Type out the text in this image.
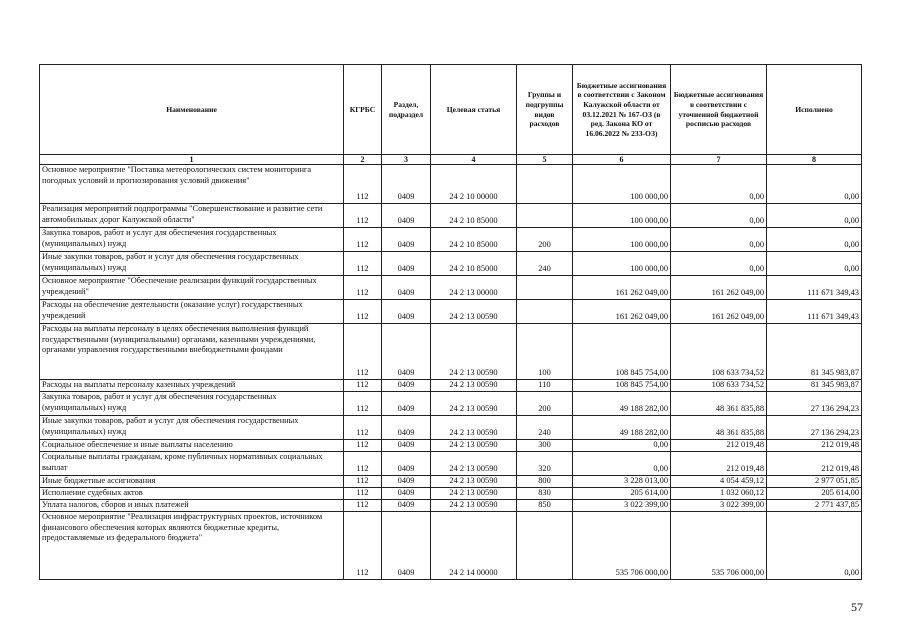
Наименование	КГРБС	Раздел, подраздел	Целевая статья	Группы и подгруппы видов расходов	Бюджетные ассигнования в соответствии с Законом Калужской области от 03.12.2021 № 167-ОЗ (в ред. Закона КО от 16.06.2022 № 233-ОЗ)	Бюджетные ассигнования в соответствии с уточненной бюджетной росписью расходов	Исполнено
1	2	3	4	5	6	7	8
Основное мероприятие "Поставка метеорологических систем мониторинга погодных условий и прогнозирования условий движения"	112	0409	24 2 10 00000		100 000,00	0,00	0,00
Реализация мероприятий подпрограммы "Совершенствование и развитие сети автомобильных дорог Калужской области"	112	0409	24 2 10 85000		100 000,00	0,00	0,00
Закупка товаров, работ и услуг для обеспечения государственных (муниципальных) нужд	112	0409	24 2 10 85000	200	100 000,00	0,00	0,00
Иные закупки товаров, работ и услуг для обеспечения государственных (муниципальных) нужд	112	0409	24 2 10 85000	240	100 000,00	0,00	0,00
Основное мероприятие "Обеспечение реализации функций государственных учреждений"	112	0409	24 2 13 00000		161 262 049,00	161 262 049,00	111 671 349,43
Расходы на обеспечение деятельности (оказание услуг) государственных учреждений	112	0409	24 2 13 00590		161 262 049,00	161 262 049,00	111 671 349,43
Расходы на выплаты персоналу в целях обеспечения выполнения функций государственными (муниципальными) органами, казенными учреждениями, органами управления государственными внебюджетными фондами	112	0409	24 2 13 00590	100	108 845 754,00	108 633 734,52	81 345 983,87
Расходы на выплаты персоналу казенных учреждений	112	0409	24 2 13 00590	110	108 845 754,00	108 633 734,52	81 345 983,87
Закупка товаров, работ и услуг для обеспечения государственных (муниципальных) нужд	112	0409	24 2 13 00590	200	49 188 282,00	48 361 835,88	27 136 294,23
Иные закупки товаров, работ и услуг для обеспечения государственных (муниципальных) нужд	112	0409	24 2 13 00590	240	49 188 282,00	48 361 835,88	27 136 294,23
Социальное обеспечение и иные выплаты населению	112	0409	24 2 13 00590	300	0,00	212 019,48	212 019,48
Социальные выплаты гражданам, кроме публичных нормативных социальных выплат	112	0409	24 2 13 00590	320	0,00	212 019,48	212 019,48
Иные бюджетные ассигнования	112	0409	24 2 13 00590	800	3 228 013,00	4 054 459,12	2 977 051,85
Исполнение судебных актов	112	0409	24 2 13 00590	830	205 614,00	1 032 060,12	205 614,00
Уплата налогов, сборов и иных платежей	112	0409	24 2 13 00590	850	3 022 399,00	3 022 399,00	2 771 437,85
Основное мероприятие "Реализация инфраструктурных проектов, источником финансового обеспечения которых являются бюджетные кредиты, предоставляемые из федерального бюджета"	112	0409	24 2 14 00000		535 706 000,00	535 706 000,00	0,00
57
